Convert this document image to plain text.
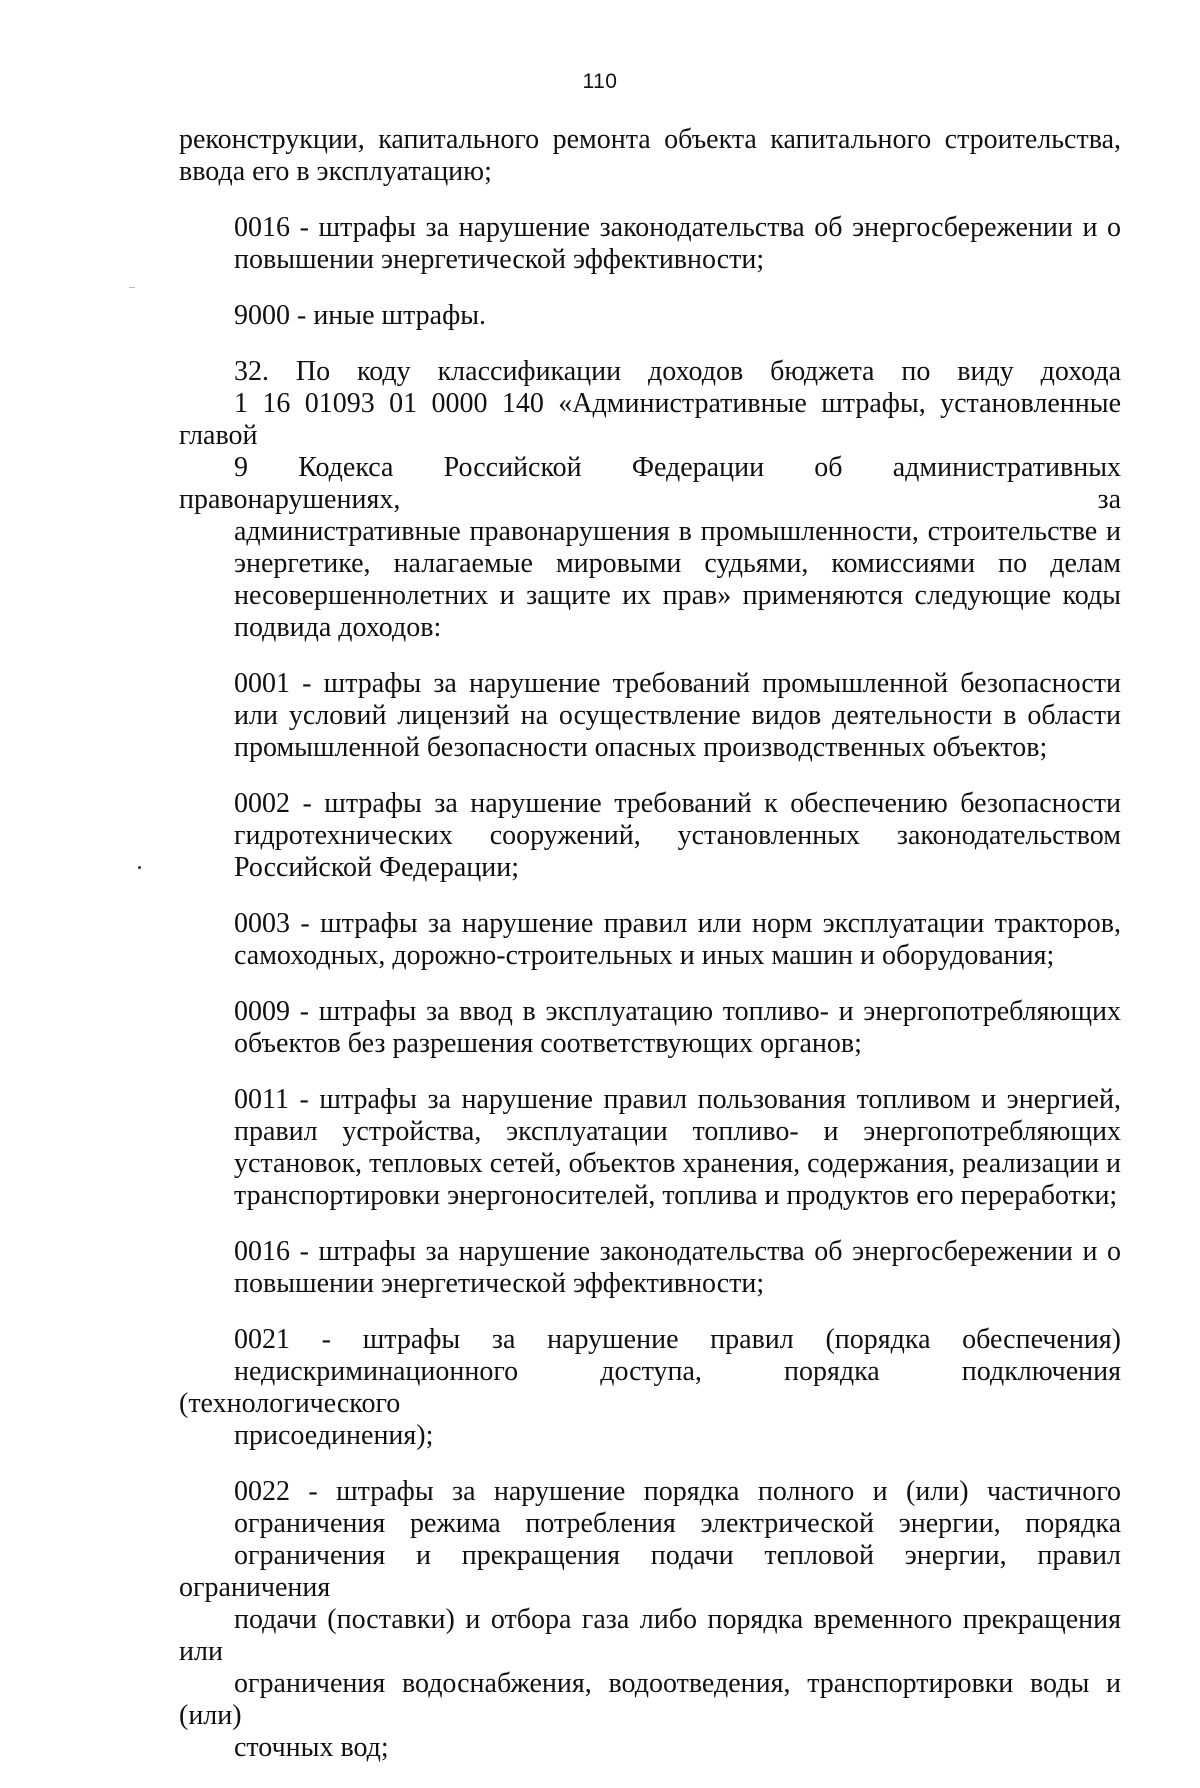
110

реконструкции, капитального ремонта объекта капитального строительства,
ввода его в эксплуатацию;

0016 - штрафы за нарушение законодательства об энергосбережении и о
повышении энергетической эффективности;

9000 - иные штрафы.

32. По коду классификации доходов бюджета по виду дохода
1 16 01093 01 0000 140 «Административные штрафы, установленные главой
9 Кодекса Российской Федерации об административных правонарушениях, за
административные правонарушения в промышленности, строительстве и
энергетике, налагаемые мировыми судьями, комиссиями по делам
несовершеннолетних и защите их прав» применяются следующие коды
подвида доходов:

0001 - штрафы за нарушение требований промышленной безопасности
или условий лицензий на осуществление видов деятельности в области
промышленной безопасности опасных производственных объектов;

0002 - штрафы за нарушение требований к обеспечению безопасности
гидротехнических сооружений, установленных законодательством
Российской Федерации;

0003 - штрафы за нарушение правил или норм эксплуатации тракторов,
самоходных, дорожно-строительных и иных машин и оборудования;

0009 - штрафы за ввод в эксплуатацию топливо- и энергопотребляющих
объектов без разрешения соответствующих органов;

0011 - штрафы за нарушение правил пользования топливом и энергией,
правил устройства, эксплуатации топливо- и энергопотребляющих
установок, тепловых сетей, объектов хранения, содержания, реализации и
транспортировки энергоносителей, топлива и продуктов его переработки;

0016 - штрафы за нарушение законодательства об энергосбережении и о
повышении энергетической эффективности;

0021 - штрафы за нарушение правил (порядка обеспечения)
недискриминационного доступа, порядка подключения (технологического
присоединения);

0022 - штрафы за нарушение порядка полного и (или) частичного
ограничения режима потребления электрической энергии, порядка
ограничения и прекращения подачи тепловой энергии, правил ограничения
подачи (поставки) и отбора газа либо порядка временного прекращения или
ограничения водоснабжения, водоотведения, транспортировки воды и (или)
сточных вод;
